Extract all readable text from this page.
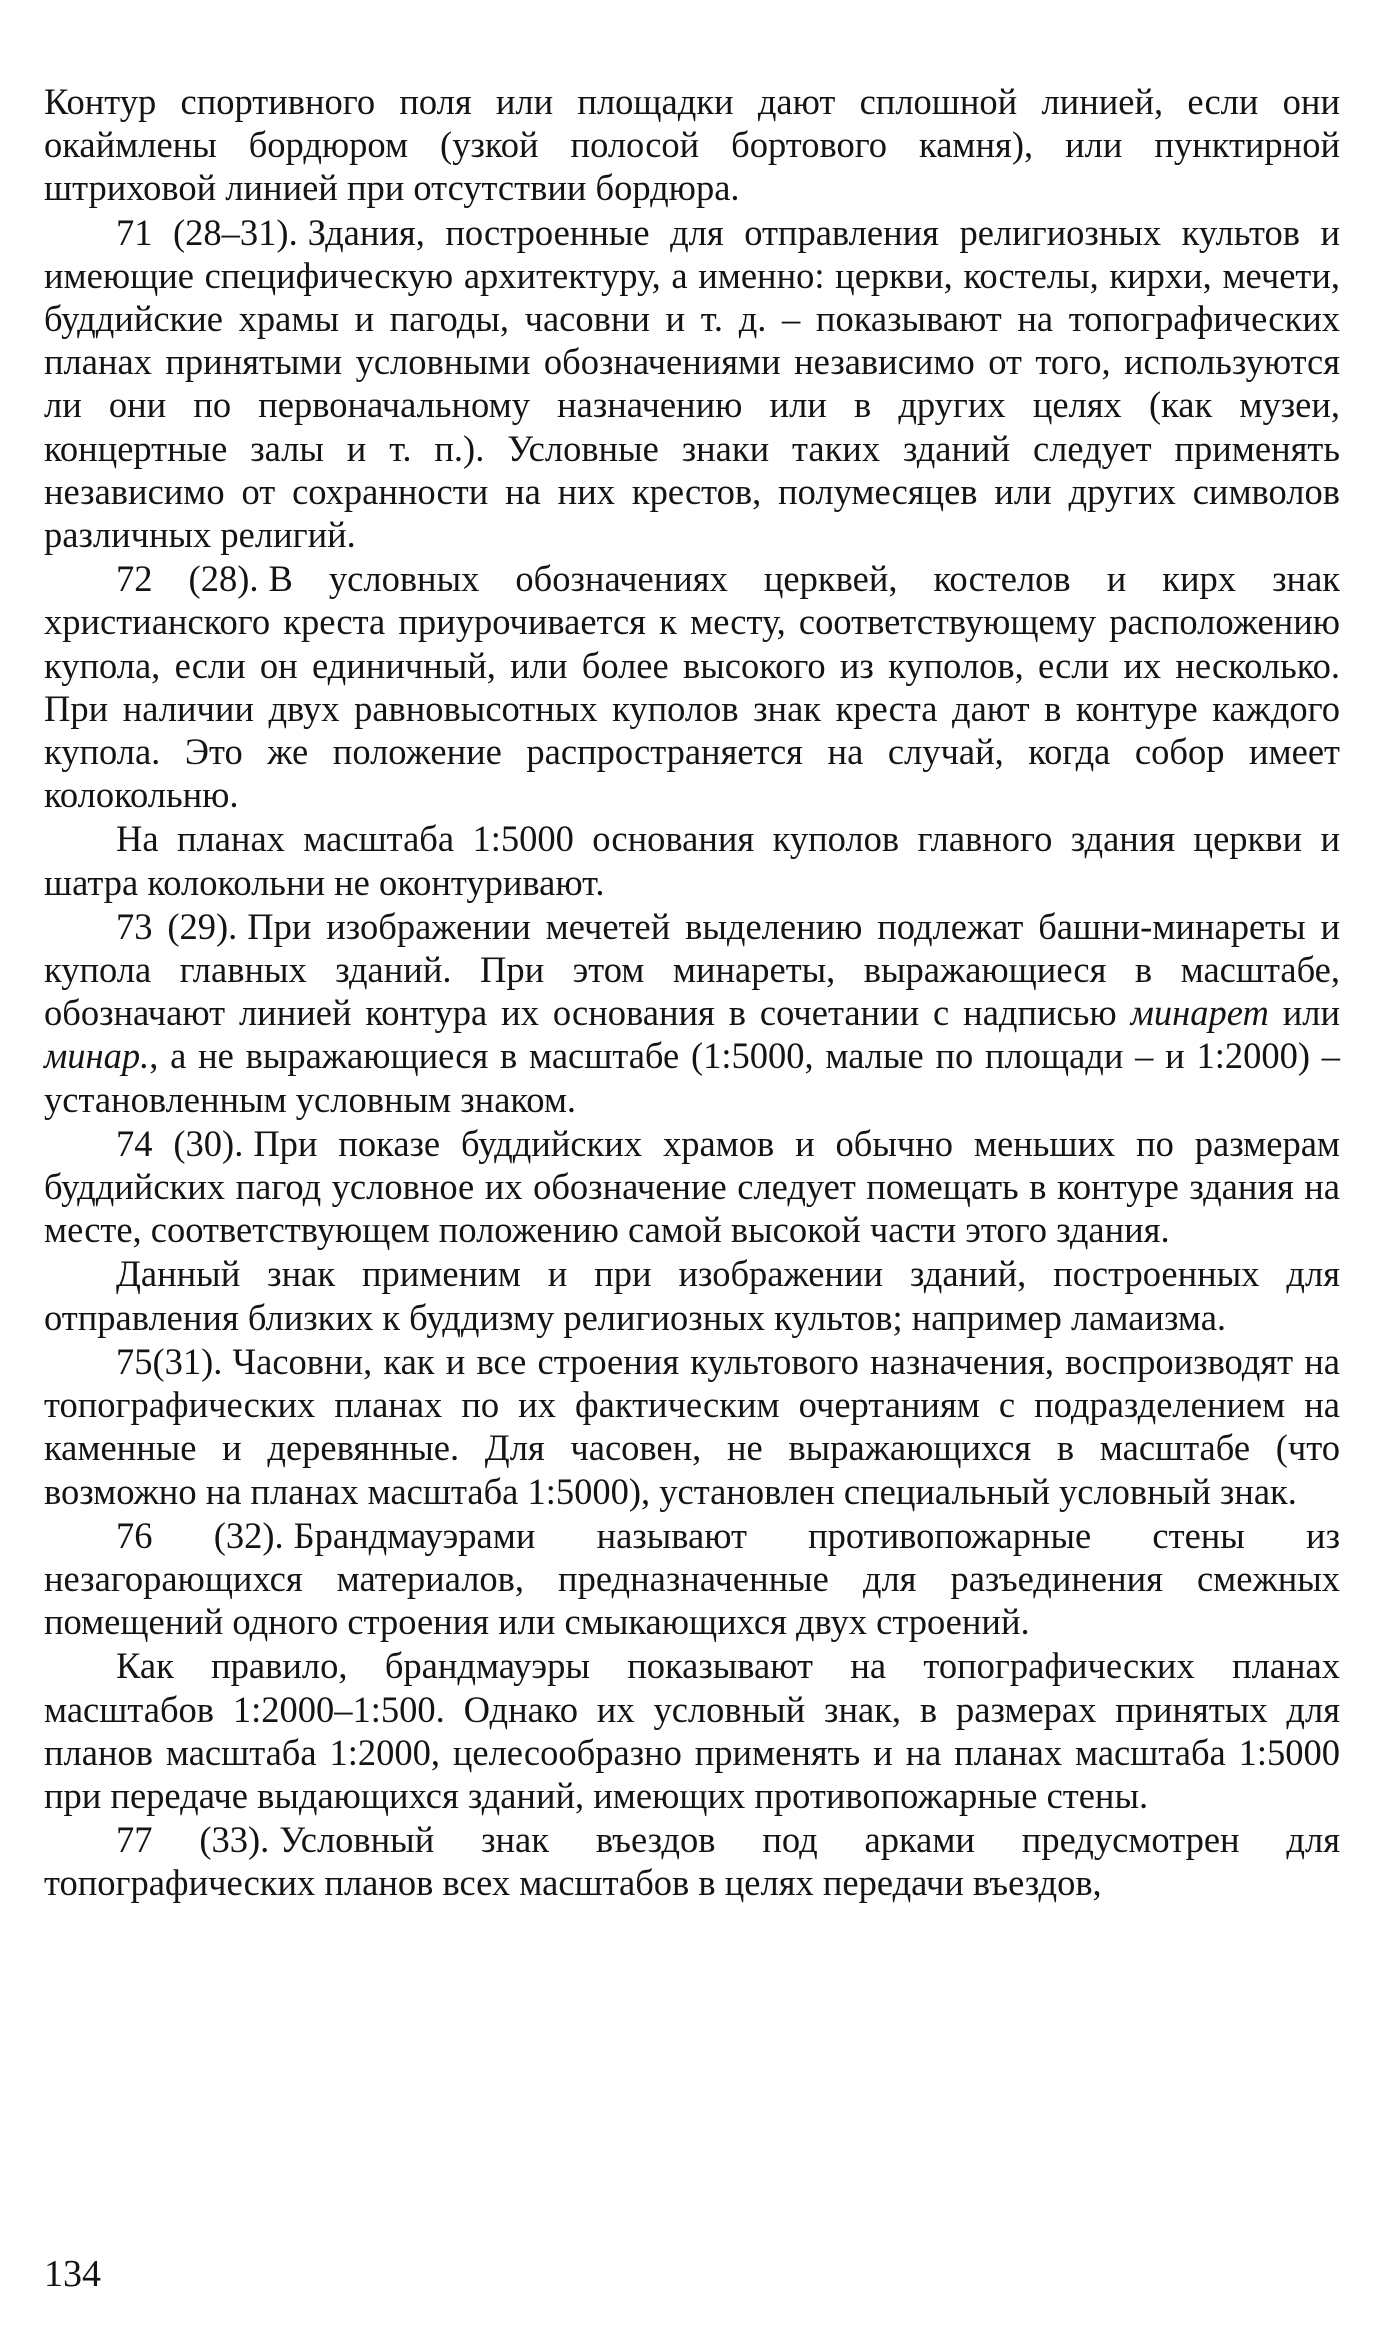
Контур спортивного поля или площадки дают сплошной линией, если они окаймлены бордюром (узкой полосой бортового камня), или пунктирной штриховой линией при отсутствии бордюра.

71 (28–31). Здания, построенные для отправления религиозных культов и имеющие специфическую архитектуру, а именно: церкви, костелы, кирхи, мечети, буддийские храмы и пагоды, часовни и т. д. – показывают на топографических планах принятыми условными обозначениями независимо от того, используются ли они по первоначальному назначению или в других целях (как музеи, концертные залы и т. п.). Условные знаки таких зданий следует применять независимо от сохранности на них крестов, полумесяцев или других символов различных религий.

72 (28). В условных обозначениях церквей, костелов и кирх знак христианского креста приурочивается к месту, соответствующему расположению купола, если он единичный, или более высокого из куполов, если их несколько. При наличии двух равновысотных куполов знак креста дают в контуре каждого купола. Это же положение распространяется на случай, когда собор имеет колокольню.

На планах масштаба 1:5000 основания куполов главного здания церкви и шатра колокольни не оконтуривают.

73 (29). При изображении мечетей выделению подлежат башни-минареты и купола главных зданий. При этом минареты, выражающиеся в масштабе, обозначают линией контура их основания в сочетании с надписью минарет или минар., а не выражающиеся в масштабе (1:5000, малые по площади – и 1:2000) – установленным условным знаком.

74 (30). При показе буддийских храмов и обычно меньших по размерам буддийских пагод условное их обозначение следует помещать в контуре здания на месте, соответствующем положению самой высокой части этого здания.

Данный знак применим и при изображении зданий, построенных для отправления близких к буддизму религиозных культов; например ламаизма.

75(31). Часовни, как и все строения культового назначения, воспроизводят на топографических планах по их фактическим очертаниям с подразделением на каменные и деревянные. Для часовен, не выражающихся в масштабе (что возможно на планах масштаба 1:5000), установлен специальный условный знак.

76 (32). Брандмауэрами называют противопожарные стены из незагорающихся материалов, предназначенные для разъединения смежных помещений одного строения или смыкающихся двух строений.

Как правило, брандмауэры показывают на топографических планах масштабов 1:2000–1:500. Однако их условный знак, в размерах принятых для планов масштаба 1:2000, целесообразно применять и на планах масштаба 1:5000 при передаче выдающихся зданий, имеющих противопожарные стены.

77 (33). Условный знак въездов под арками предусмотрен для топографических планов всех масштабов в целях передачи въездов,

134
